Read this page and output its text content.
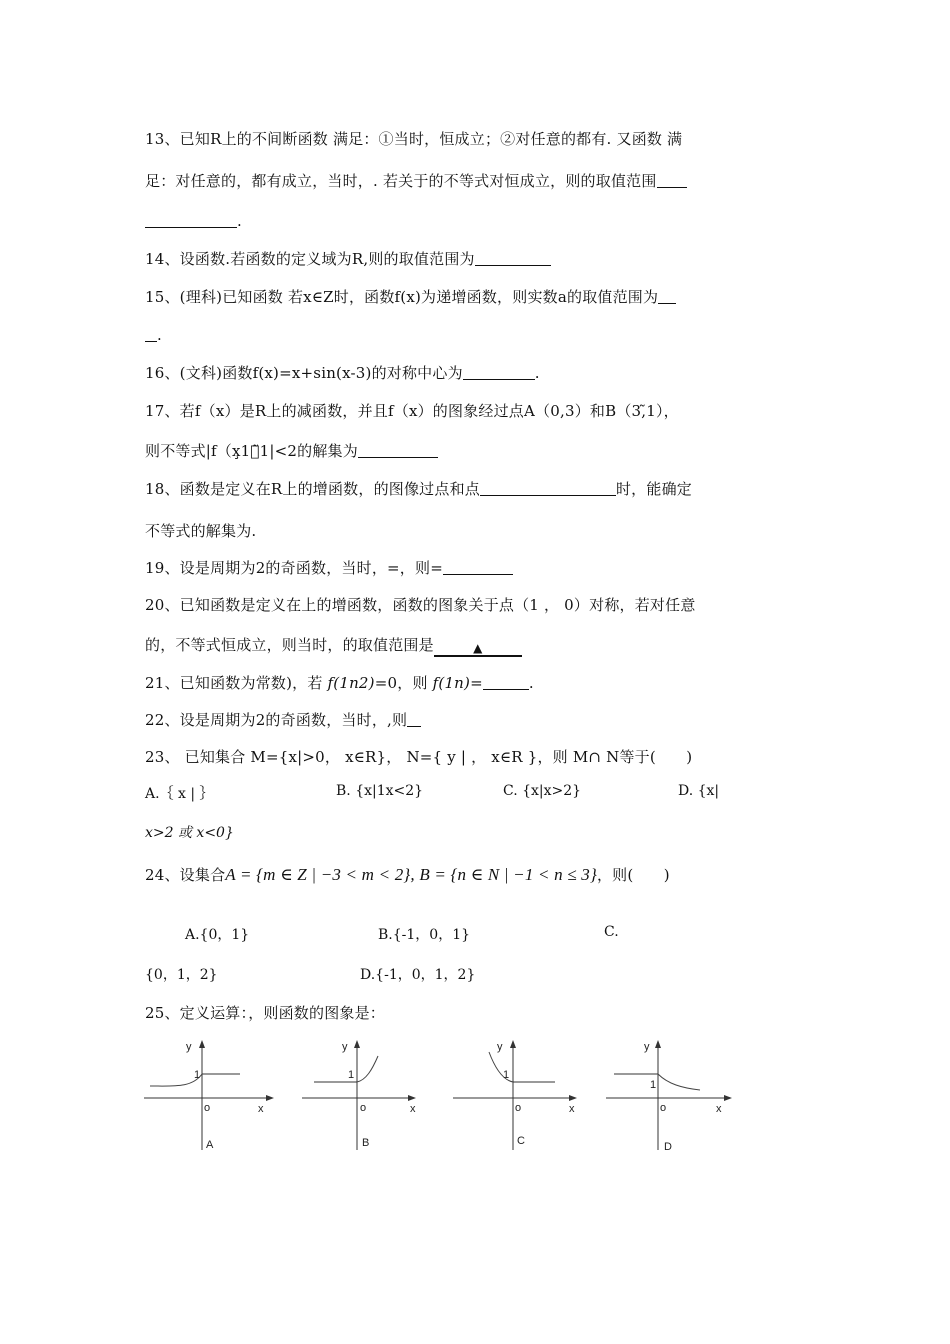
13、已知R上的不间断函数 满足：①当时，恒成立；②对任意的都有. 又函数 满
足：对任意的，都有成立，当时，. 若关于的不等式对恒成立，则的取值范围
.
14、设函数.若函数的定义域为R,则的取值范围为
15、(理科)已知函数 若x∈Z时，函数f(x)为递增函数，则实数a的取值范围为
.
16、(文科)函数f(x)=x+sin(x-3)的对称中心为	.
17、若f（x）是R上的减函数，并且f（x）的图象经过点A（0,3）和B（3,̃1），
则不等式|f（x̧1）̃1|<2的解集为
18、函数是定义在R上的增函数，的图像过点和点	时，能确定
不等式的解集为.
19、设是周期为2的奇函数，当时，=，则=
20、已知函数是定义在上的增函数，函数的图象关于点（1 ， 0）对称，若对任意
的，不等式恒成立，则当时，的取值范围是	▲
21、已知函数为常数)，若 f(1n2)=0，则 f(1n)=	.
22、设是周期为2的奇函数，当时，,则
23、 已知集合 M={x|>0， x∈R}， N={ y | ， x∈R }，则 M∩ N等于(　　)
A.｛ x | ｝	B. {x|1x<2}	C. {x|x>2}	D. {x|
x>2 或 x<0}
24、设集合A = {m ∈ Z | −3 < m < 2}, B = {n ∈ N | −1 < n ≤ 3}，则(　　)
A.{0，1}	B.{-1，0，1}	C.
{0，1，2}	D.{-1，0，1，2}
25、定义运算：，则函数的图象是：
y
1
o	x
A
y
1
o	x
B
y
1
o	x
C
y
1
o	x
D
